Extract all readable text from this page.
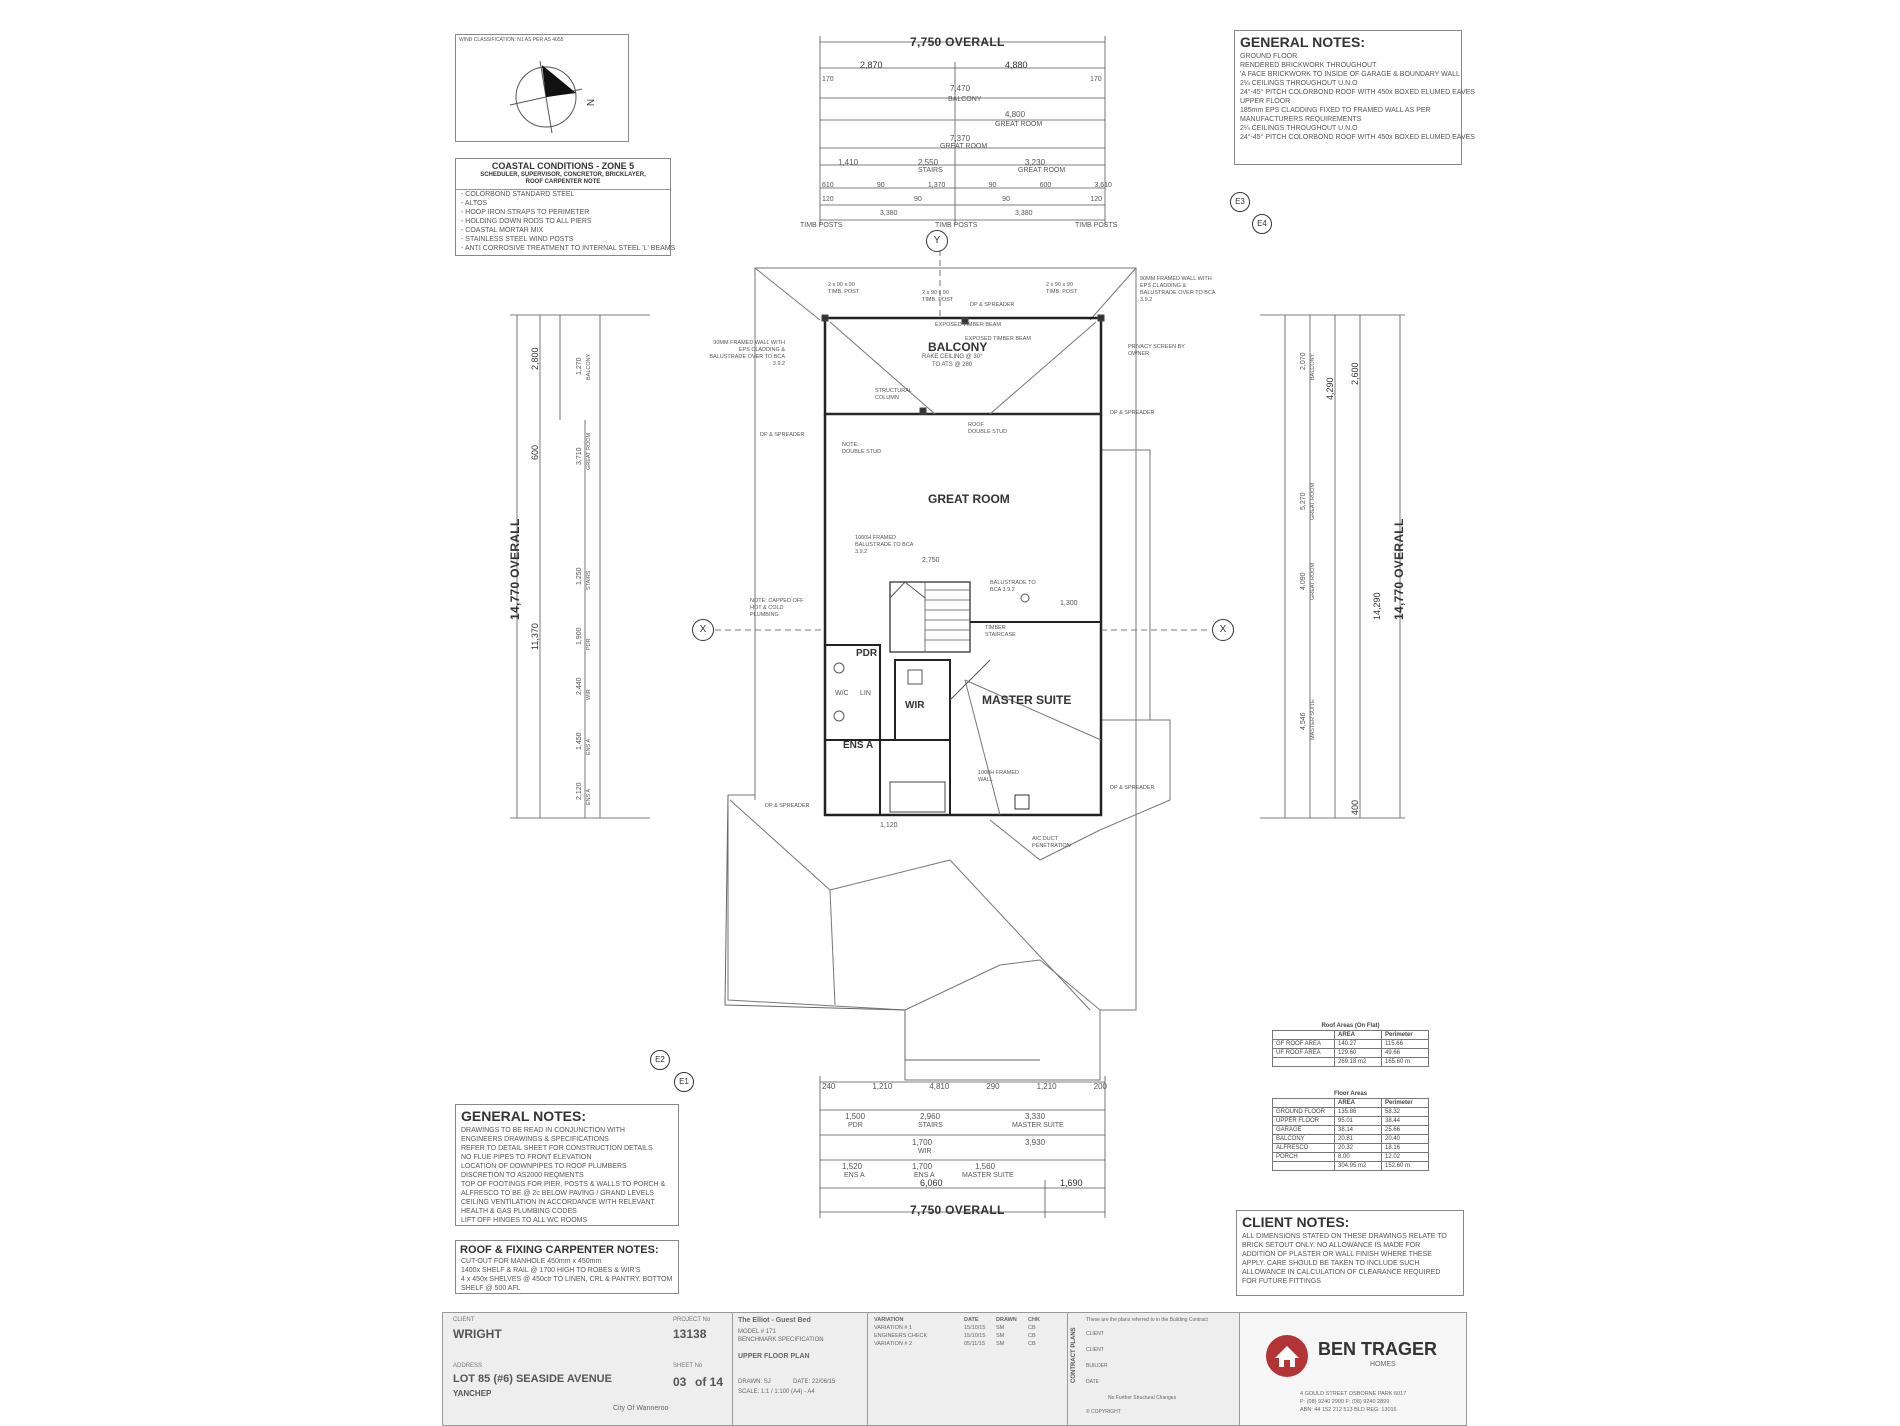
WIND CLASSIFICATION: N1 AS PER AS 4055
N
COASTAL CONDITIONS - ZONE 5
SCHEDULER, SUPERVISOR, CONCRETOR, BRICKLAYER, ROOF CARPENTER NOTE
- COLORBOND STANDARD STEEL
- ALTOS
- HOOP IRON STRAPS TO PERIMETER
- HOLDING DOWN RODS TO ALL PIERS
- COASTAL MORTAR MIX
- STAINLESS STEEL WIND POSTS
- ANTI CORROSIVE TREATMENT TO INTERNAL STEEL 'L' BEAMS
GENERAL NOTES:
GROUND FLOOR
RENDERED BRICKWORK THROUGHOUT
'A FACE BRICKWORK TO INSIDE OF GARAGE & BOUNDARY WALL
2¼ CEILINGS THROUGHOUT U.N.O
24°-45° PITCH COLORBOND ROOF WITH 450x BOXED ELUMED EAVES
UPPER FLOOR
185mm EPS CLADDING FIXED TO FRAMED WALL AS PER
MANUFACTURERS REQUIREMENTS
2¼ CEILINGS THROUGHOUT U.N.O
24°-45° PITCH COLORBOND ROOF WITH 450x BOXED ELUMED EAVES
GENERAL NOTES:
DRAWINGS TO BE READ IN CONJUNCTION WITH
ENGINEERS DRAWINGS & SPECIFICATIONS
REFER TO DETAIL SHEET FOR CONSTRUCTION DETAILS
NO FLUE PIPES TO FRONT ELEVATION
LOCATION OF DOWNPIPES TO ROOF PLUMBERS
DISCRETION TO AS2000 REQMENTS
TOP OF FOOTINGS FOR PIER, POSTS & WALLS TO PORCH &
ALFRESCO TO BE @ 2c BELOW PAVING / GRAND LEVELS
CEILING VENTILATION IN ACCORDANCE WITH RELEVANT
HEALTH & GAS PLUMBING CODES
LIFT OFF HINGES TO ALL WC ROOMS
ROOF & FIXING CARPENTER NOTES:
CUT-OUT FOR MANHOLE 450mm x 450mm
1400x SHELF & RAIL @ 1700 HIGH TO ROBES & WIR'S
4 x 450x SHELVES @ 450ctr TO LINEN, CRL & PANTRY. BOTTOM
SHELF @ 500 AFL
CLIENT NOTES:
ALL DIMENSIONS STATED ON THESE DRAWINGS RELATE TO
BRICK SETOUT ONLY. NO ALLOWANCE IS MADE FOR
ADDITION OF PLASTER OR WALL FINISH WHERE THESE
APPLY. CARE SHOULD BE TAKEN TO INCLUDE SUCH
ALLOWANCE IN CALCULATION OF CLEARANCE REQUIRED
FOR FUTURE FITTINGS
Roof Areas (On Flat)		
	AREA	Perimeter
GF ROOF AREA	140.27	115.66
UF ROOF AREA	129.60	49.66
	269.18 m2	165.60 m
Floor Areas		
	AREA	Perimeter
GROUND FLOOR	135.86	58.32
UPPER FLOOR	95.01	38.44
GARAGE	38.14	25.66
BALCONY	20.81	20.40
ALFRESCO	20.32	18.16
PORCH	8.00	12.02
	304.95 m2	152.60 m
Y
X	X
E3
E4
E2
E1
7,750 OVERALL
2,870	4,880
170	170
7,470
BALCONY
4,800
GREAT ROOM
7,370
GREAT ROOM
1,410	2,550
STAIRS
3,230
GREAT ROOM
610	90	1,370	90	600	3,610
120	90	90	120
3,380	3,380
TIMB POSTS	TIMB POSTS	TIMB POSTS
240	1,210	4,810	290	1,210	200
1,500
PDR
2,960
STAIRS
3,330
MASTER SUITE
1,700
WIR
3,930
1,520
ENS A
1,700
ENS A
1,560
MASTER SUITE
6,060	1,690
7,750 OVERALL
14,770 OVERALL
11,370
2,800
600
1,270 BALCONY
3,710 GREAT ROOM
1,250 STAIRS
1,900 PDR
2,440 WIR
1,450 ENS A
2,120 ENS A
14,770 OVERALL
14,290
2,600
4,290
400
2,070 BALCONY
5,270 GREAT ROOM
4,090 GREAT ROOM
4,546 MASTER SUITE
BALCONY
RAKE CEILING @ 30°
TO ATS @ 280
GREAT ROOM
MASTER SUITE
PDR
WIR
ENS A
LIN
W/C
90MM FRAMED WALL WITH EPS CLADDING & BALUSTRADE OVER TO BCA 3.9.2
90MM FRAMED WALL WITH EPS CLADDING & BALUSTRADE OVER TO BCA 3.9.2
PRIVACY SCREEN BY OWNER
EXPOSED TIMBER BEAM
EXPOSED TIMBER BEAM
STRUCTURAL COLUMN
ROOF DOUBLE STUD
NOTE: DOUBLE STUD
1000H FRAMED BALUSTRADE TO BCA 3.9.2
BALUSTRADE TO BCA 3.9.2
TIMBER STAIRCASE
NOTE: CAPPED OFF HOT & COLD PLUMBING
DP & SPREADER
DP & SPREADER
DP & SPREADER
DP & SPREADER
DP & SPREADER
A/C DUCT PENETRATION
1000H FRAMED WALL
2 x 90 x 90 TIMB. POST	2 x 90 x 90 TIMB. POST
2 x 90 x 90 TIMB. POST
2,750
1,300
1,120
CLIENT
WRIGHT
PROJECT No
13138
ADDRESS
LOT 85 (#6) SEASIDE AVENUE
YANCHEP
SHEET No
03 of 14
City Of Wanneroo
The Elliot - Guest Bed
MODEL # 171
BENCHMARK SPECIFICATION
UPPER FLOOR PLAN
DRAWN: SJ	DATE: 22/06/15
SCALE: 1:1 / 1:100 (A4) - A4
VARIATION	DATE	DRAWN	CHK
VARIATION # 1	15/10/15	SM	CB
ENGINEERS CHECK	15/10/15	SM	CB
VARIATION # 2	05/11/15	SM	CB	CONTRACT PLANS
These are the plans referred to in the Building Contract
CLIENT
CLIENT
BUILDER
DATE
No Further Structural Changes
© COPYRIGHT
BEN TRAGER
HOMES
4 GOULD STREET OSBORNE PARK 6017
P: (08) 9240 2900 F: (08) 9240 2899
ABN: 44 152 212 513 BLD REG: 13016
